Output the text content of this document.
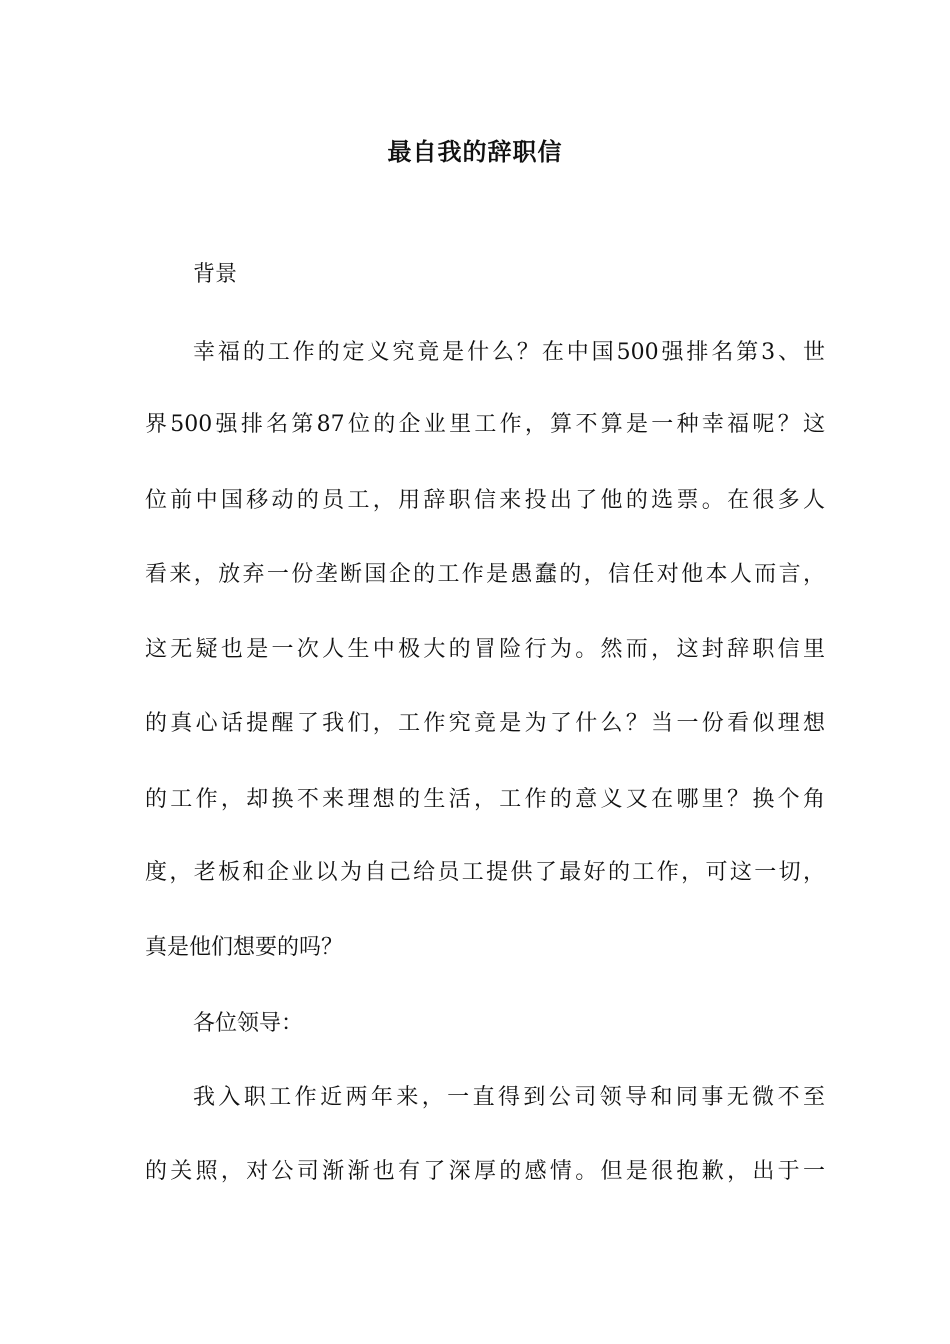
最自我的辞职信
背景
幸福的工作的定义究竟是什么？在中国500强排名第3、世
界500强排名第87位的企业里工作，算不算是一种幸福呢？这
位前中国移动的员工，用辞职信来投出了他的选票。在很多人
看来，放弃一份垄断国企的工作是愚蠢的，信任对他本人而言，
这无疑也是一次人生中极大的冒险行为。然而，这封辞职信里
的真心话提醒了我们，工作究竟是为了什么？当一份看似理想
的工作，却换不来理想的生活，工作的意义又在哪里？换个角
度，老板和企业以为自己给员工提供了最好的工作，可这一切，
真是他们想要的吗？
各位领导：
我入职工作近两年来，一直得到公司领导和同事无微不至
的关照，对公司渐渐也有了深厚的感情。但是很抱歉，出于一
